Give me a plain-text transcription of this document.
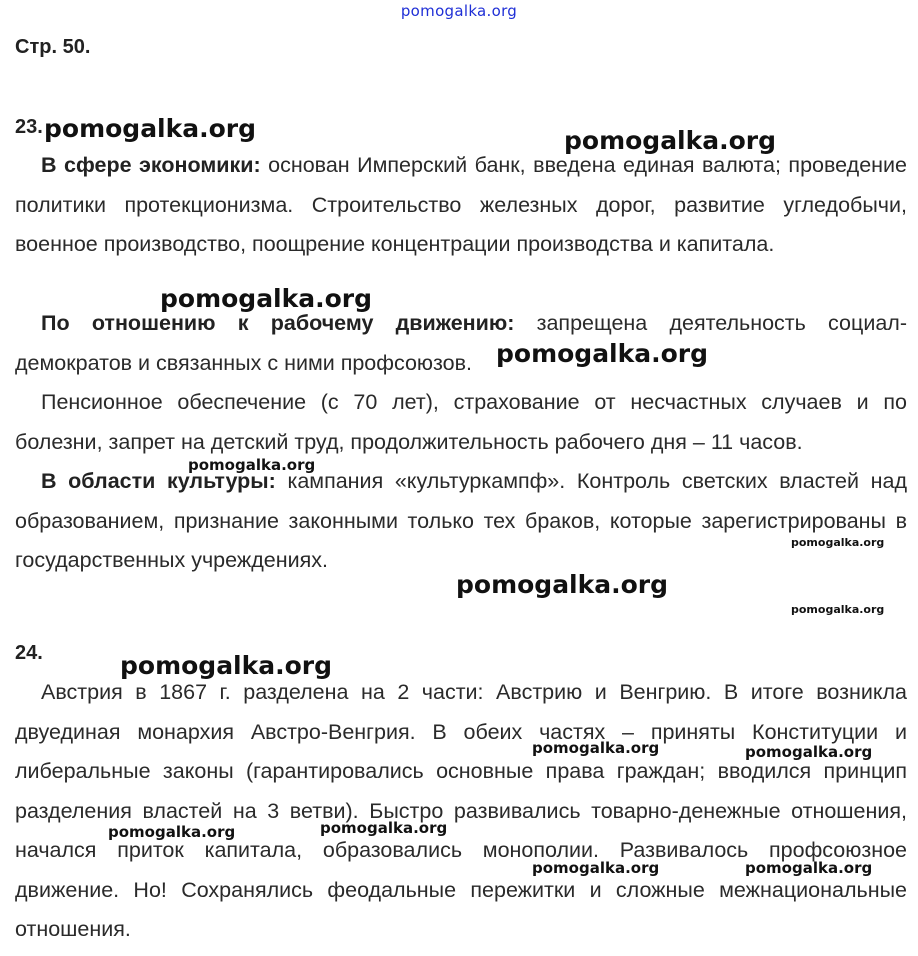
pomogalka.org
Стр. 50.
23.

В сфере экономики: основан Имперский банк, введена единая валюта; проведение политики протекционизма. Строительство железных дорог, развитие угледобычи, военное производство, поощрение концентрации производства и капитала.

По отношению к рабочему движению: запрещена деятельность социал-демократов и связанных с ними профсоюзов.

Пенсионное обеспечение (с 70 лет), страхование от несчастных случаев и по болезни, запрет на детский труд, продолжительность рабочего дня – 11 часов.

В области культуры: кампания «культуркампф». Контроль светских властей над образованием, признание законными только тех браков, которые зарегистрированы в государственных учреждениях.

24.

Австрия в 1867 г. разделена на 2 части: Австрию и Венгрию. В итоге возникла двуединая монархия Австро-Венгрия. В обеих частях – приняты Конституции и либеральные законы (гарантировались основные права граждан; вводился принцип разделения властей на 3 ветви). Быстро развивались товарно-денежные отношения, начался приток капитала, образовались монополии. Развивалось профсоюзное движение. Но! Сохранялись феодальные пережитки и сложные межнациональные отношения.

pomogalka.org	pomogalka.org
pomogalka.org
pomogalka.org
pomogalka.org
pomogalka.org
pomogalka.org
pomogalka.org
pomogalka.org
pomogalka.org	pomogalka.org
pomogalka.org
pomogalka.org
pomogalka.org	pomogalka.org
